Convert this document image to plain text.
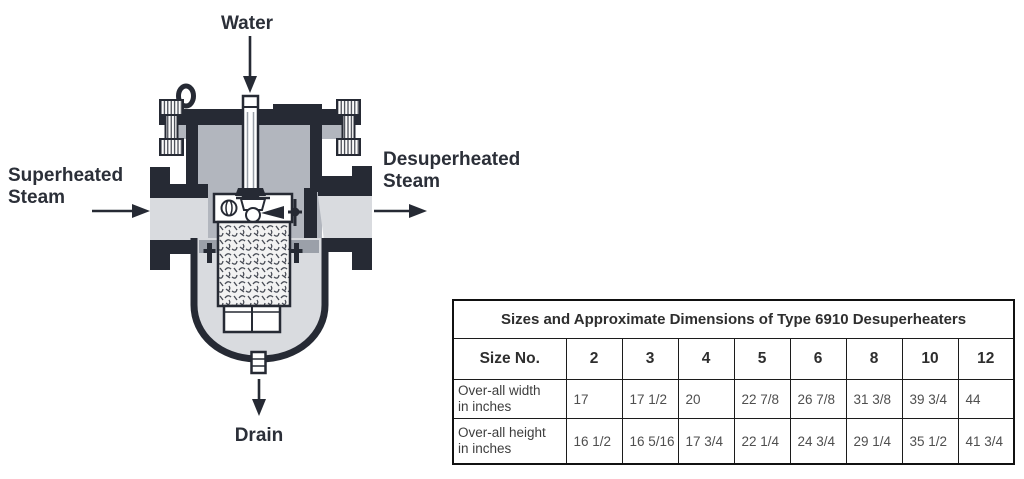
Water
Superheated
Steam
Desuperheated
Steam
Drain
Sizes and Approximate Dimensions of Type 6910 Desuperheaters								
Size No.	2	3	4	5	6	8	10	12

Over-all width
in inches	17	17 1/2	20	22 7/8	26 7/8	31 3/8	39 3/4	44

Over-all height
in inches	16 1/2	16 5/16	17 3/4	22 1/4	24 3/4	29 1/4	35 1/2	41 3/4
